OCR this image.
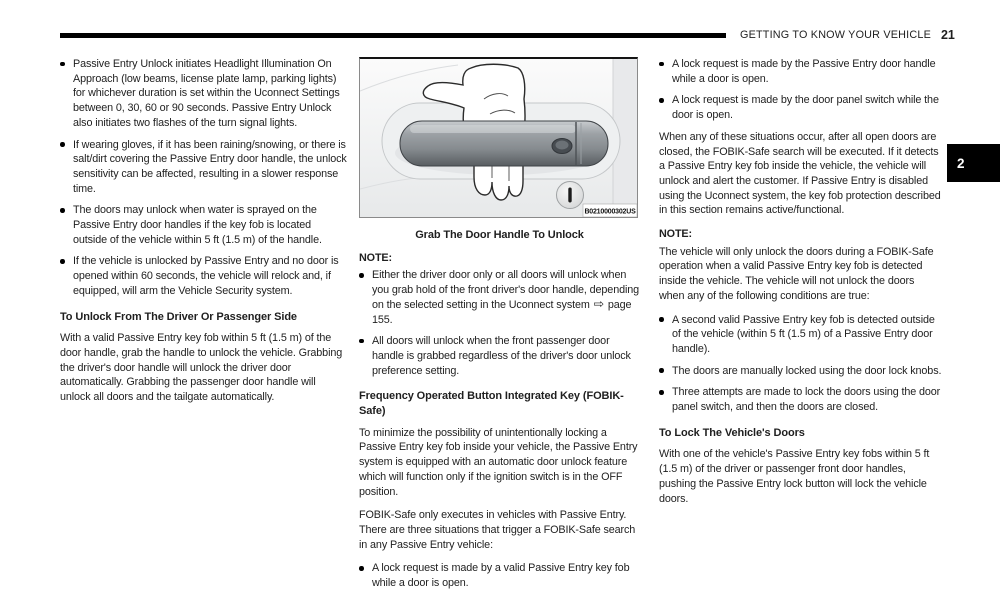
GETTING TO KNOW YOUR VEHICLE 21
2
Passive Entry Unlock initiates Headlight Illumination On Approach (low beams, license plate lamp, parking lights) for whichever duration is set within the Uconnect Settings between 0, 30, 60 or 90 seconds. Passive Entry Unlock also initiates two flashes of the turn signal lights.
If wearing gloves, if it has been raining/snowing, or there is salt/dirt covering the Passive Entry door handle, the unlock sensitivity can be affected, resulting in a slower response time.
The doors may unlock when water is sprayed on the Passive Entry door handles if the key fob is located outside of the vehicle within 5 ft (1.5 m) of the handle.
If the vehicle is unlocked by Passive Entry and no door is opened within 60 seconds, the vehicle will relock and, if equipped, will arm the Vehicle Security system.
To Unlock From The Driver Or Passenger Side
With a valid Passive Entry key fob within 5 ft (1.5 m) of the door handle, grab the handle to unlock the vehicle. Grabbing the driver's door handle will unlock the driver door automatically. Grabbing the passenger door handle will unlock all doors and the tailgate automatically.
B0210000302US
Grab The Door Handle To Unlock
NOTE:
Either the driver door only or all doors will unlock when you grab hold of the front driver's door handle, depending on the selected setting in the Uconnect system ⇨ page 155.
All doors will unlock when the front passenger door handle is grabbed regardless of the driver's door unlock preference setting.
Frequency Operated Button Integrated Key (FOBIK-Safe)
To minimize the possibility of unintentionally locking a Passive Entry key fob inside your vehicle, the Passive Entry system is equipped with an automatic door unlock feature which will function only if the ignition switch is in the OFF position.
FOBIK-Safe only executes in vehicles with Passive Entry. There are three situations that trigger a FOBIK-Safe search in any Passive Entry vehicle:
A lock request is made by a valid Passive Entry key fob while a door is open.
A lock request is made by the Passive Entry door handle while a door is open.
A lock request is made by the door panel switch while the door is open.
When any of these situations occur, after all open doors are closed, the FOBIK-Safe search will be executed. If it detects a Passive Entry key fob inside the vehicle, the vehicle will unlock and alert the customer. If Passive Entry is disabled using the Uconnect system, the key fob protection described in this section remains active/functional.
NOTE:
The vehicle will only unlock the doors during a FOBIK-Safe operation when a valid Passive Entry key fob is detected inside the vehicle. The vehicle will not unlock the doors when any of the following conditions are true:
A second valid Passive Entry key fob is detected outside of the vehicle (within 5 ft (1.5 m) of a Passive Entry door handle).
The doors are manually locked using the door lock knobs.
Three attempts are made to lock the doors using the door panel switch, and then the doors are closed.
To Lock The Vehicle's Doors
With one of the vehicle's Passive Entry key fobs within 5 ft (1.5 m) of the driver or passenger front door handles, pushing the Passive Entry lock button will lock the vehicle doors.
